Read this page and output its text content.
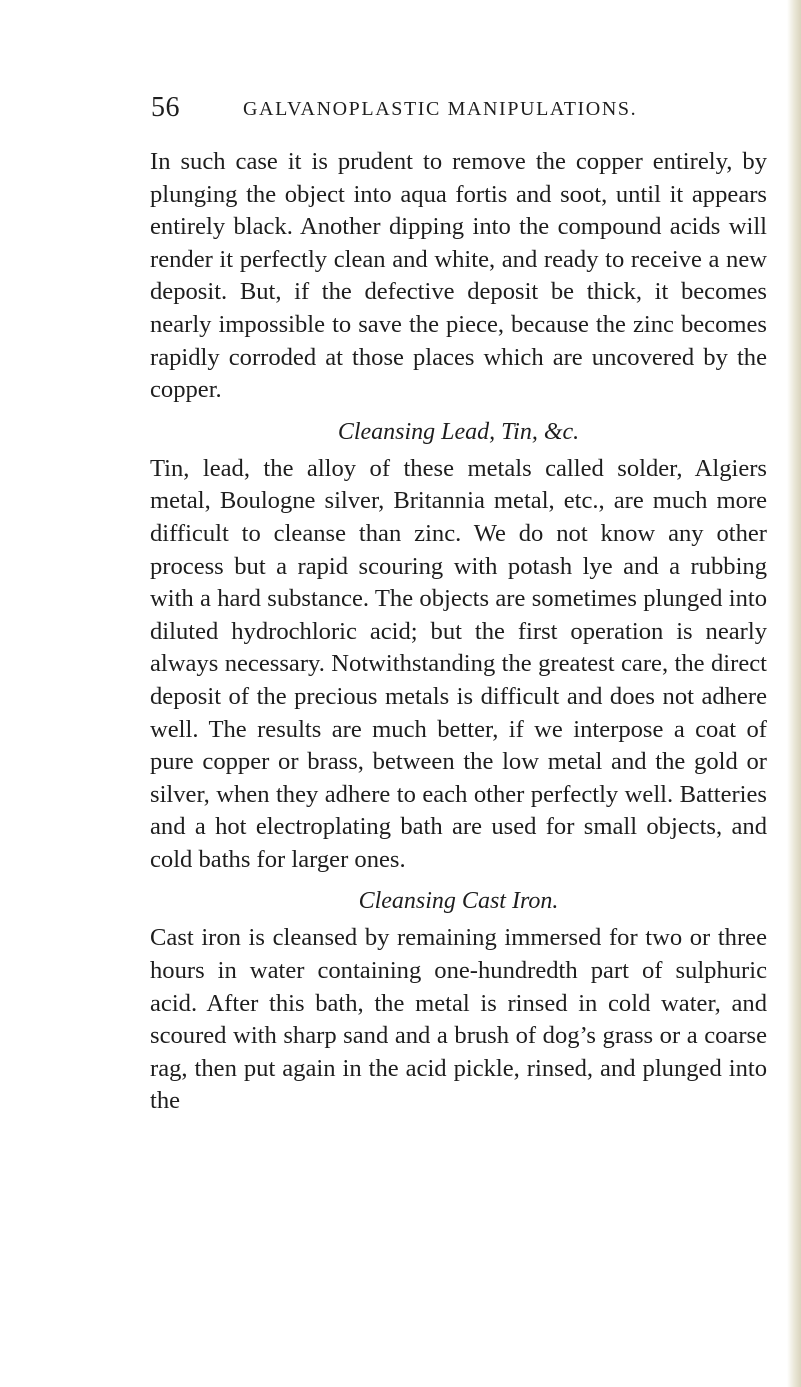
56	GALVANOPLASTIC MANIPULATIONS.

In such case it is prudent to remove the copper entirely, by plunging the object into aqua fortis and soot, until it appears entirely black. Another dipping into the compound acids will render it perfectly clean and white, and ready to receive a new deposit. But, if the defective deposit be thick, it becomes nearly impossible to save the piece, because the zinc becomes rapidly corroded at those places which are uncovered by the copper.

Cleansing Lead, Tin, &c.

Tin, lead, the alloy of these metals called solder, Algiers metal, Boulogne silver, Britannia metal, etc., are much more difficult to cleanse than zinc. We do not know any other process but a rapid scouring with potash lye and a rubbing with a hard substance. The objects are sometimes plunged into diluted hydrochloric acid; but the first operation is nearly always necessary. Notwithstanding the greatest care, the direct deposit of the precious metals is difficult and does not adhere well. The results are much better, if we interpose a coat of pure copper or brass, between the low metal and the gold or silver, when they adhere to each other perfectly well. Batteries and a hot electroplating bath are used for small objects, and cold baths for larger ones.

Cleansing Cast Iron.

Cast iron is cleansed by remaining immersed for two or three hours in water containing one-hundredth part of sulphuric acid. After this bath, the metal is rinsed in cold water, and scoured with sharp sand and a brush of dog’s grass or a coarse rag, then put again in the acid pickle, rinsed, and plunged into the
